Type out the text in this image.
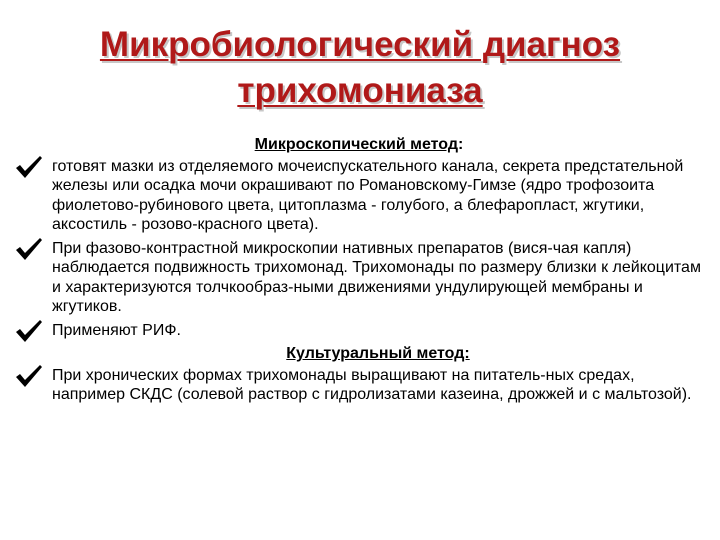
Микробиологический диагноз
трихомониаза
Микроскопический метод:
готовят мазки из отделяемого мочеиспускательного канала, секрета предстательной железы или осадка мочи окрашивают по Романовскому-Гимзе (ядро трофозоита фиолетово-рубинового цвета, цитоплазма - голубого, а блефаропласт, жгутики, аксостиль - розово-красного цвета).
При фазово-контрастной микроскопии нативных препаратов (вися-чая капля) наблюдается подвижность трихомонад. Трихомонады по размеру близки к лейкоцитам и характеризуются толчкообраз-ными движениями ундулирующей мембраны и жгутиков.
Применяют РИФ.
Культуральный метод:
При хронических формах трихомонады выращивают на питатель-ных средах, например СКДС (солевой раствор с гидролизатами казеина, дрожжей и с мальтозой).
